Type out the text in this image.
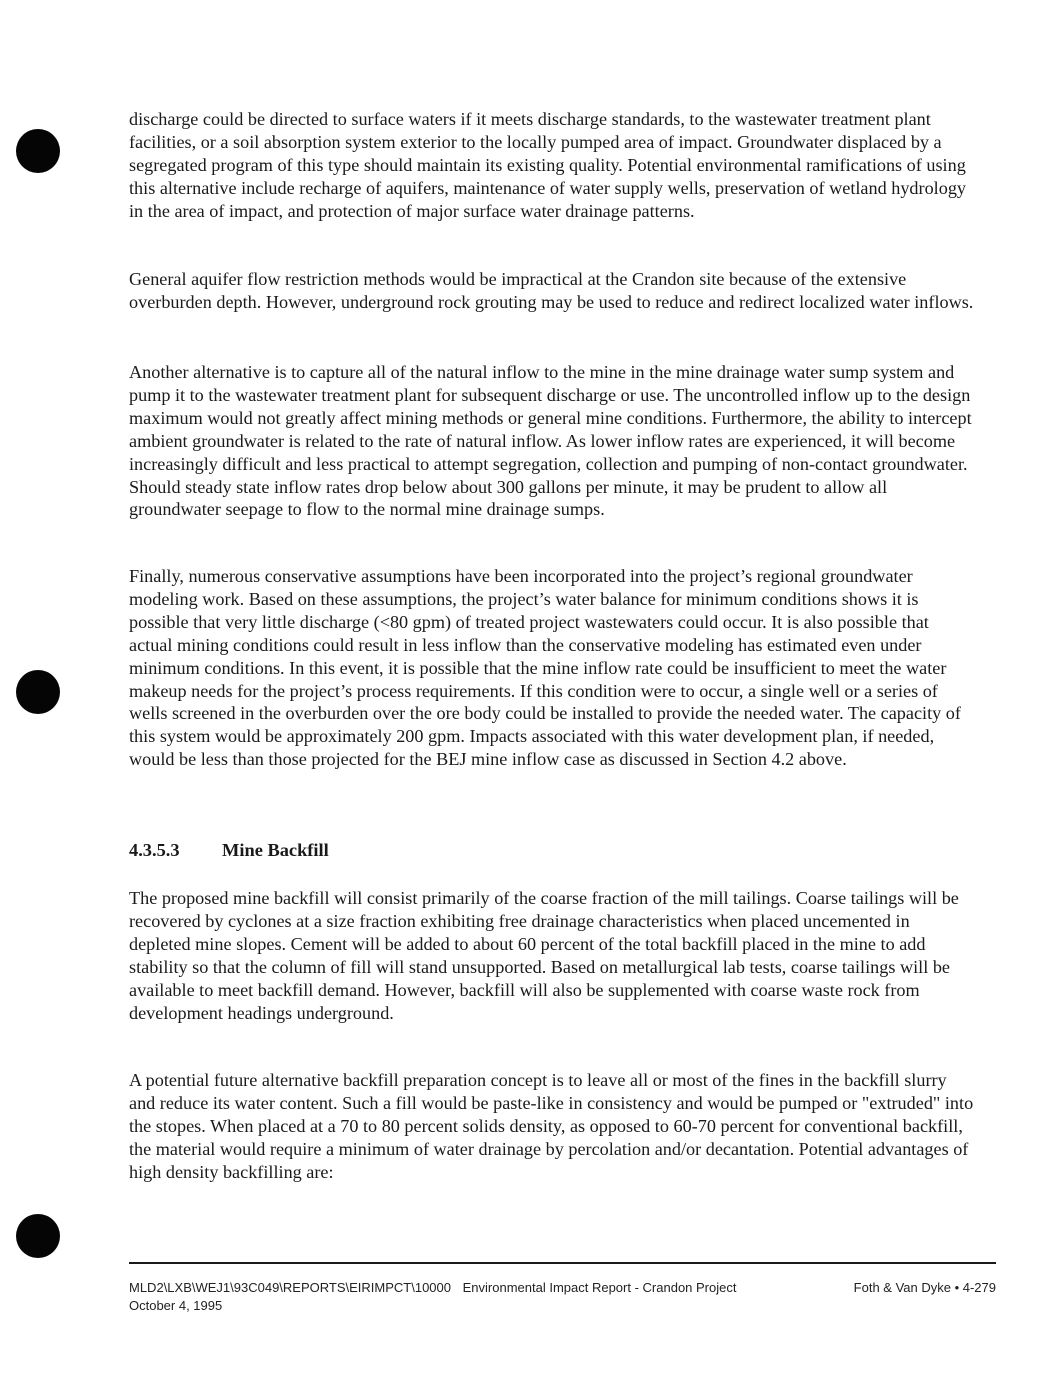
discharge could be directed to surface waters if it meets discharge standards, to the wastewater treatment plant facilities, or a soil absorption system exterior to the locally pumped area of impact. Groundwater displaced by a segregated program of this type should maintain its existing quality. Potential environmental ramifications of using this alternative include recharge of aquifers, maintenance of water supply wells, preservation of wetland hydrology in the area of impact, and protection of major surface water drainage patterns.

General aquifer flow restriction methods would be impractical at the Crandon site because of the extensive overburden depth. However, underground rock grouting may be used to reduce and redirect localized water inflows.

Another alternative is to capture all of the natural inflow to the mine in the mine drainage water sump system and pump it to the wastewater treatment plant for subsequent discharge or use. The uncontrolled inflow up to the design maximum would not greatly affect mining methods or general mine conditions. Furthermore, the ability to intercept ambient groundwater is related to the rate of natural inflow. As lower inflow rates are experienced, it will become increasingly difficult and less practical to attempt segregation, collection and pumping of non-contact groundwater. Should steady state inflow rates drop below about 300 gallons per minute, it may be prudent to allow all groundwater seepage to flow to the normal mine drainage sumps.

Finally, numerous conservative assumptions have been incorporated into the project’s regional groundwater modeling work. Based on these assumptions, the project’s water balance for minimum conditions shows it is possible that very little discharge (<80 gpm) of treated project wastewaters could occur. It is also possible that actual mining conditions could result in less inflow than the conservative modeling has estimated even under minimum conditions. In this event, it is possible that the mine inflow rate could be insufficient to meet the water makeup needs for the project’s process requirements. If this condition were to occur, a single well or a series of wells screened in the overburden over the ore body could be installed to provide the needed water. The capacity of this system would be approximately 200 gpm. Impacts associated with this water development plan, if needed, would be less than those projected for the BEJ mine inflow case as discussed in Section 4.2 above.

4.3.5.3	Mine Backfill

The proposed mine backfill will consist primarily of the coarse fraction of the mill tailings. Coarse tailings will be recovered by cyclones at a size fraction exhibiting free drainage characteristics when placed uncemented in depleted mine slopes. Cement will be added to about 60 percent of the total backfill placed in the mine to add stability so that the column of fill will stand unsupported. Based on metallurgical lab tests, coarse tailings will be available to meet backfill demand. However, backfill will also be supplemented with coarse waste rock from development headings underground.

A potential future alternative backfill preparation concept is to leave all or most of the fines in the backfill slurry and reduce its water content. Such a fill would be paste-like in consistency and would be pumped or "extruded" into the stopes. When placed at a 70 to 80 percent solids density, as opposed to 60-70 percent for conventional backfill, the material would require a minimum of water drainage by percolation and/or decantation. Potential advantages of high density backfilling are:

MLD2\LXB\WEJ1\93C049\REPORTS\EIRIMPCT\10000 Environmental Impact Report - Crandon Project
October 4, 1995
Foth & Van Dyke • 4-279
